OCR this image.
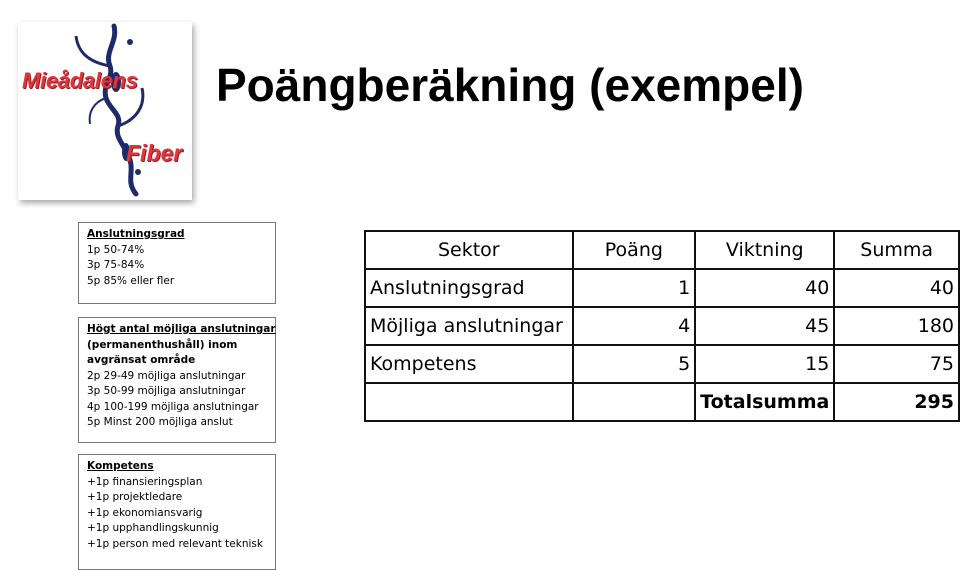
Mieådalens
Fiber
Poängberäkning (exempel)
Anslutningsgrad
1p 50-74%
3p 75-84%
5p 85% eller fler
Högt antal möjliga anslutningar
(permanenthushåll) inom
avgränsat område
2p 29-49 möjliga anslutningar
3p 50-99 möjliga anslutningar
4p 100-199 möjliga anslutningar
5p Minst 200 möjliga anslut
Kompetens
+1p finansieringsplan
+1p projektledare
+1p ekonomiansvarig
+1p upphandlingskunnig
+1p person med relevant teknisk
Sektor	Poäng	Viktning	Summa
Anslutningsgrad	1	40	40
Möjliga anslutningar	4	45	180
Kompetens	5	15	75
		Totalsumma	295
